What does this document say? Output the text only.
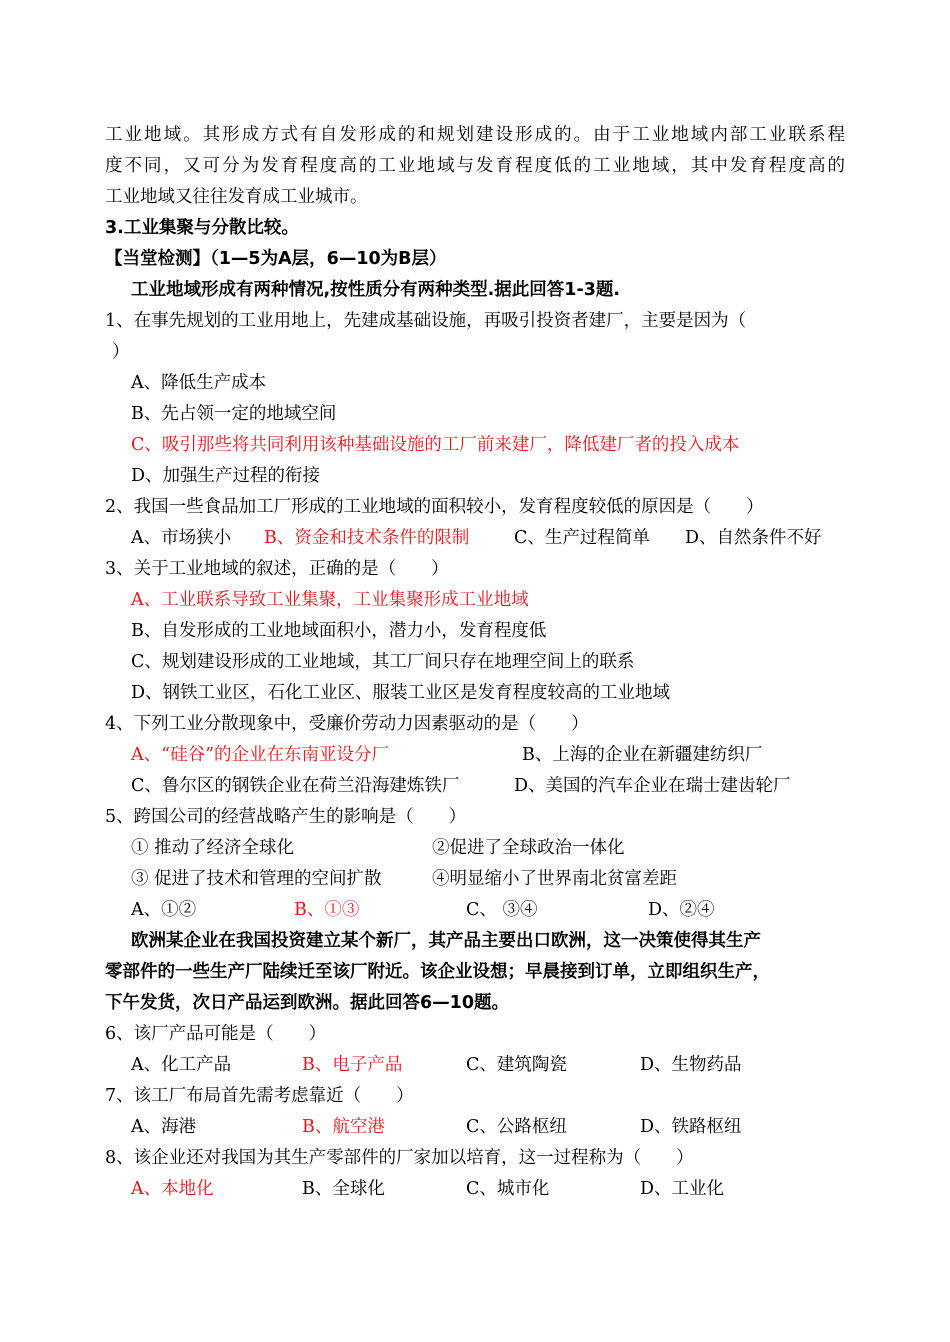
工业地域。其形成方式有自发形成的和规划建设形成的。由于工业地域内部工业联系程
度不同，又可分为发育程度高的工业地域与发育程度低的工业地域，其中发育程度高的
工业地域又往往发育成工业城市。
3.工业集聚与分散比较。
【当堂检测】（1—5为A层，6—10为B层）
工业地域形成有两种情况,按性质分有两种类型.据此回答1-3题.
1、在事先规划的工业用地上，先建成基础设施，再吸引投资者建厂，主要是因为（
）
A、降低生产成本
B、先占领一定的地域空间
C、吸引那些将共同利用该种基础设施的工厂前来建厂，降低建厂者的投入成本
D、加强生产过程的衔接
2、我国一些食品加工厂形成的工业地域的面积较小，发育程度较低的原因是（　　）
A、市场狭小 B、资金和技术条件的限制	C、生产过程简单 D、自然条件不好
3、关于工业地域的叙述，正确的是（　　）
A、工业联系导致工业集聚，工业集聚形成工业地域
B、自发形成的工业地域面积小，潜力小，发育程度低
C、规划建设形成的工业地域，其工厂间只存在地理空间上的联系
D、钢铁工业区，石化工业区、服装工业区是发育程度较高的工业地域
4、下列工业分散现象中，受廉价劳动力因素驱动的是（　　）
A、“硅谷”的企业在东南亚设分厂	B、上海的企业在新疆建纺织厂
C、鲁尔区的钢铁企业在荷兰沿海建炼铁厂	D、美国的汽车企业在瑞士建齿轮厂
5、跨国公司的经营战略产生的影响是（　　）
① 推动了经济全球化	②促进了全球政治一体化
③ 促进了技术和管理的空间扩散	④明显缩小了世界南北贫富差距
A、①②	B、①③	C、 ③④	D、②④
欧洲某企业在我国投资建立某个新厂，其产品主要出口欧洲，这一决策使得其生产
零部件的一些生产厂陆续迁至该厂附近。该企业设想；早晨接到订单，立即组织生产，
下午发货，次日产品运到欧洲。据此回答6—10题。
6、该厂产品可能是（　　）
A、化工产品	B、电子产品	C、建筑陶瓷	D、生物药品
7、该工厂布局首先需考虑靠近（　　）
A、海港	B、航空港	C、公路枢纽	D、铁路枢纽
8、该企业还对我国为其生产零部件的厂家加以培育，这一过程称为（　　）
A、本地化	B、全球化	C、城市化	D、工业化
